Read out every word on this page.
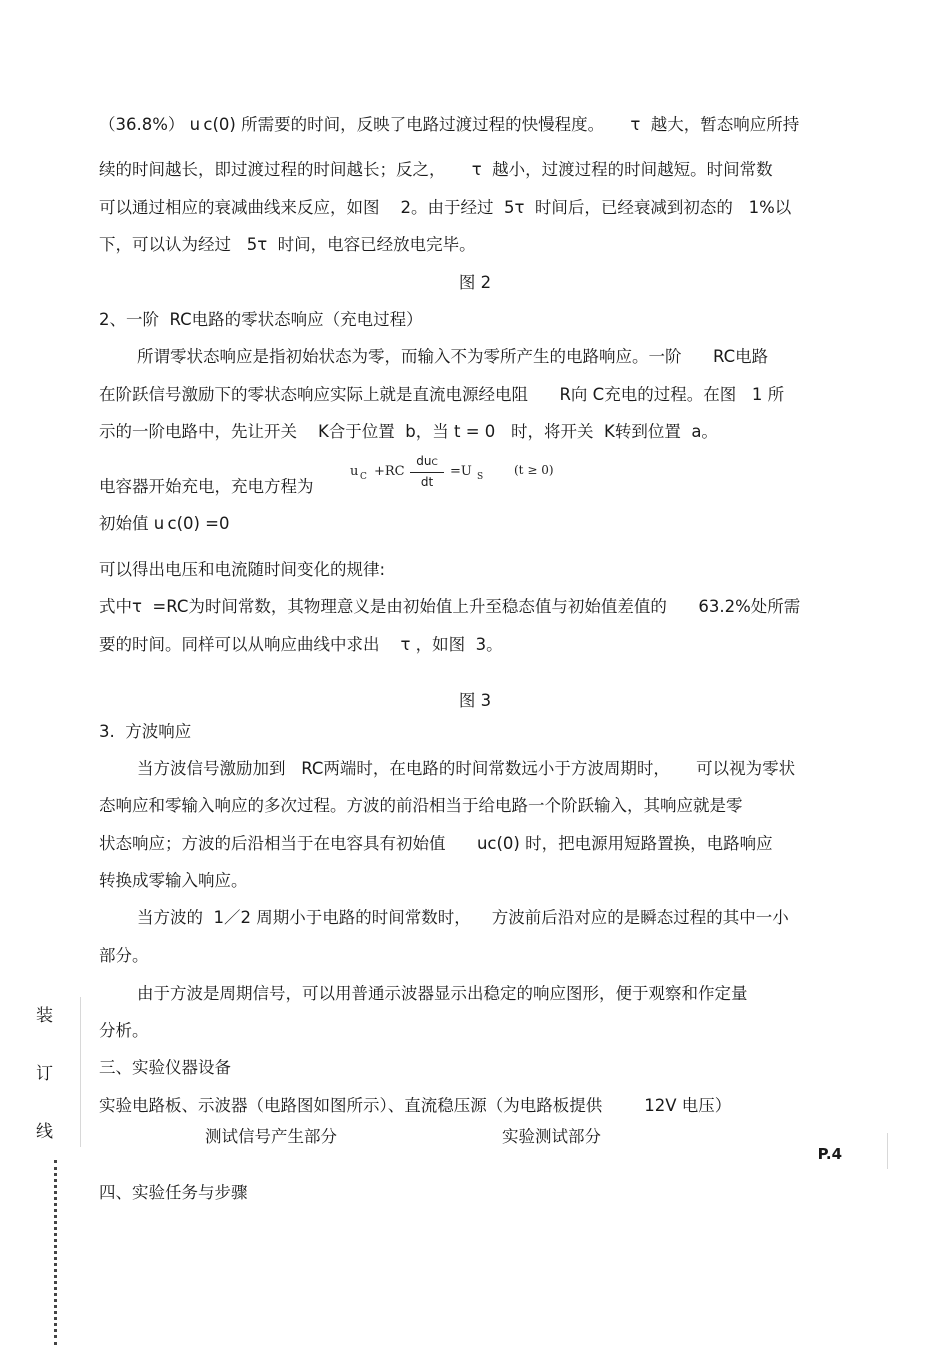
（36.8%） u c(0) 所需要的时间，反映了电路过渡过程的快慢程度。     τ  越大，暂态响应所持
续的时间越长，即过渡过程的时间越长；反之，     τ  越小，过渡过程的时间越短。时间常数
可以通过相应的衰减曲线来反应，如图    2。由于经过  5τ  时间后，已经衰减到初态的   1%以
下，可以认为经过   5τ  时间，电容已经放电完毕。
图 2
2、一阶  RC电路的零状态响应（充电过程）
所谓零状态响应是指初始状态为零，而输入不为零所产生的电路响应。一阶      RC电路
在阶跃信号激励下的零状态响应实际上就是直流电源经电阻      R向 C充电的过程。在图   1 所
示的一阶电路中，先让开关    K合于位置  b，当 t = 0   时，将开关  K转到位置  a。
电容器开始充电，充电方程为
u C +RC
duC
dt
=U S	(t ≥ 0)
初始值 u c(0) =0
可以得出电压和电流随时间变化的规律:
式中τ  =RC为时间常数，其物理意义是由初始值上升至稳态值与初始值差值的      63.2%处所需
要的时间。同样可以从响应曲线中求出    τ ，如图  3。
图 3
3.  方波响应
当方波信号激励加到   RC两端时，在电路的时间常数远小于方波周期时，     可以视为零状
态响应和零输入响应的多次过程。方波的前沿相当于给电路一个阶跃输入，其响应就是零
状态响应；方波的后沿相当于在电容具有初始值      uc(0) 时，把电源用短路置换，电路响应
转换成零输入响应。
当方波的  1／2 周期小于电路的时间常数时，    方波前后沿对应的是瞬态过程的其中一小
部分。
由于方波是周期信号，可以用普通示波器显示出稳定的响应图形，便于观察和作定量
分析。
三、实验仪器设备
实验电路板、示波器（电路图如图所示）、直流稳压源（为电路板提供        12V 电压）
测试信号产生部分	实验测试部分
P.4
四、实验任务与步骤
装
订
线
